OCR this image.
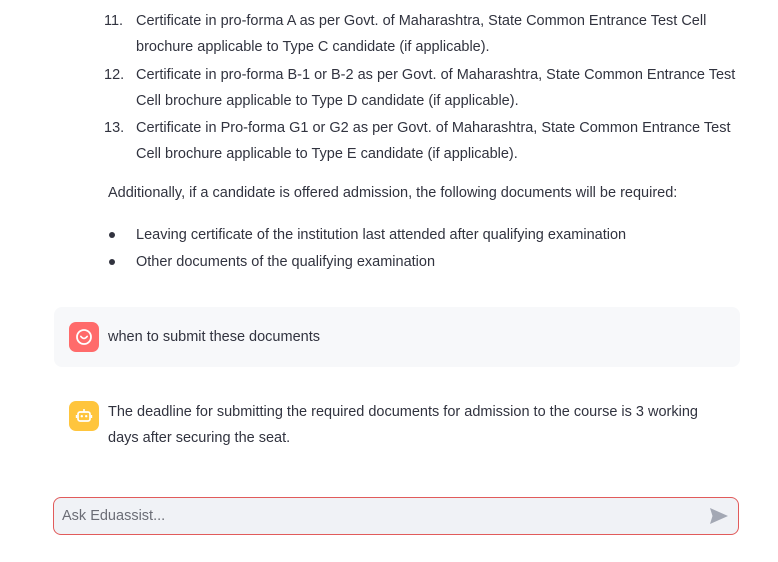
11. Certificate in pro-forma A as per Govt. of Maharashtra, State Common Entrance Test Cell
brochure applicable to Type C candidate (if applicable).
12. Certificate in pro-forma B-1 or B-2 as per Govt. of Maharashtra, State Common Entrance Test
Cell brochure applicable to Type D candidate (if applicable).
13. Certificate in Pro-forma G1 or G2 as per Govt. of Maharashtra, State Common Entrance Test
Cell brochure applicable to Type E candidate (if applicable).
Additionally, if a candidate is offered admission, the following documents will be required:
Leaving certificate of the institution last attended after qualifying examination
Other documents of the qualifying examination
when to submit these documents
The deadline for submitting the required documents for admission to the course is 3 working
days after securing the seat.
Ask Eduassist...
